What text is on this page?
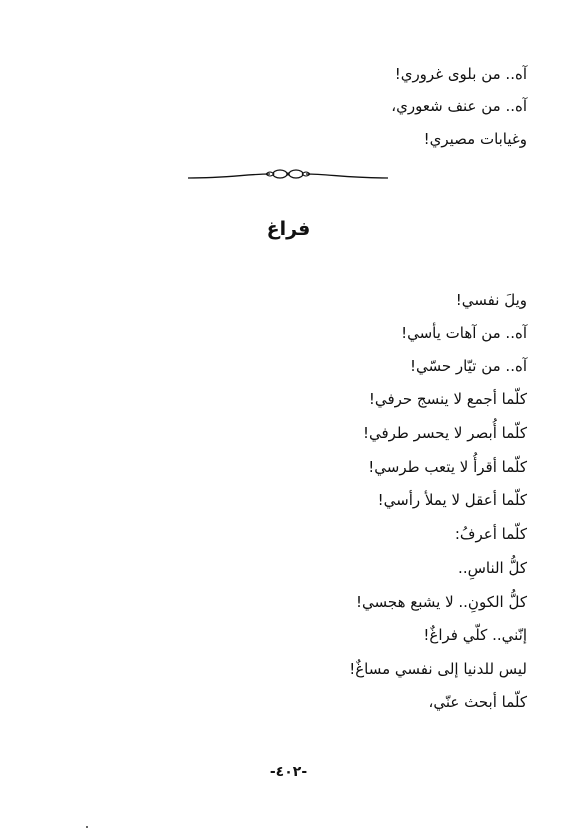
آه.. من بلوى غروري!
آه.. من عنف شعوري،
وغيابات مصيري!
فراغ
ويلَ نفسي!
آه.. من آهات يأسي!
آه.. من تيّار حسّي!
كلّما أجمع لا ينسج حرفي!
كلّما أُبصر لا يحسر طرفي!
كلّما أقرأُ لا يتعب طرسي!
كلّما أعقل لا يملأ رأسي!
كلّما أعرفُ:
كلُّ الناسِ..
كلُّ الكونِ.. لا يشبع هجسي!
إنّني.. كلّي فراغٌ!
ليس للدنيا إلى نفسي مساغٌ!
كلّما أبحث عنّي،
-٤٠٢-
